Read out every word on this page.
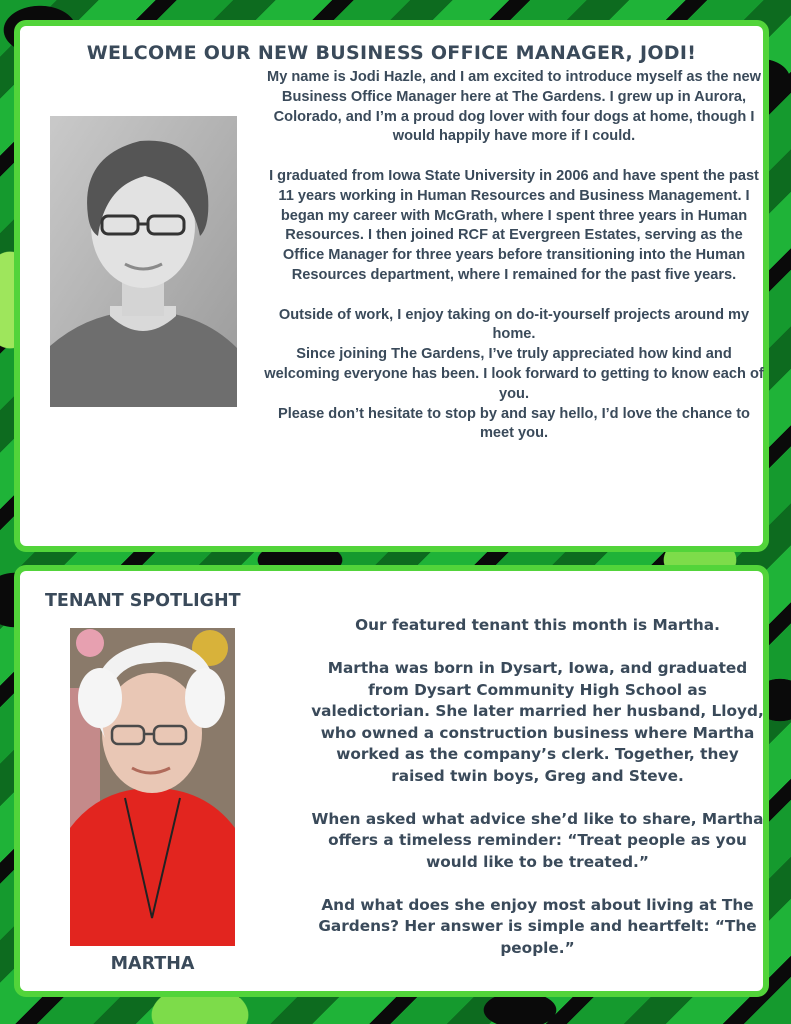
WELCOME OUR NEW BUSINESS OFFICE MANAGER, JODI!

My name is Jodi Hazle, and I am excited to introduce myself as the new Business Office Manager here at The Gardens. I grew up in Aurora, Colorado, and I’m a proud dog lover with four dogs at home, though I would happily have more if I could.

I graduated from Iowa State University in 2006 and have spent the past 11 years working in Human Resources and Business Management. I began my career with McGrath, where I spent three years in Human Resources. I then joined RCF at Evergreen Estates, serving as the Office Manager for three years before transitioning into the Human Resources department, where I remained for the past five years.

Outside of work, I enjoy taking on do-it-yourself projects around my home.

Since joining The Gardens, I’ve truly appreciated how kind and welcoming everyone has been. I look forward to getting to know each of you.

Please don’t hesitate to stop by and say hello, I’d love the chance to meet you.

TENANT SPOTLIGHT

MARTHA

Our featured tenant this month is Martha.

Martha was born in Dysart, Iowa, and graduated from Dysart Community High School as valedictorian. She later married her husband, Lloyd, who owned a construction business where Martha worked as the company’s clerk. Together, they raised twin boys, Greg and Steve.

When asked what advice she’d like to share, Martha offers a timeless reminder: “Treat people as you would like to be treated.”

And what does she enjoy most about living at The Gardens? Her answer is simple and heartfelt: “The people.”
